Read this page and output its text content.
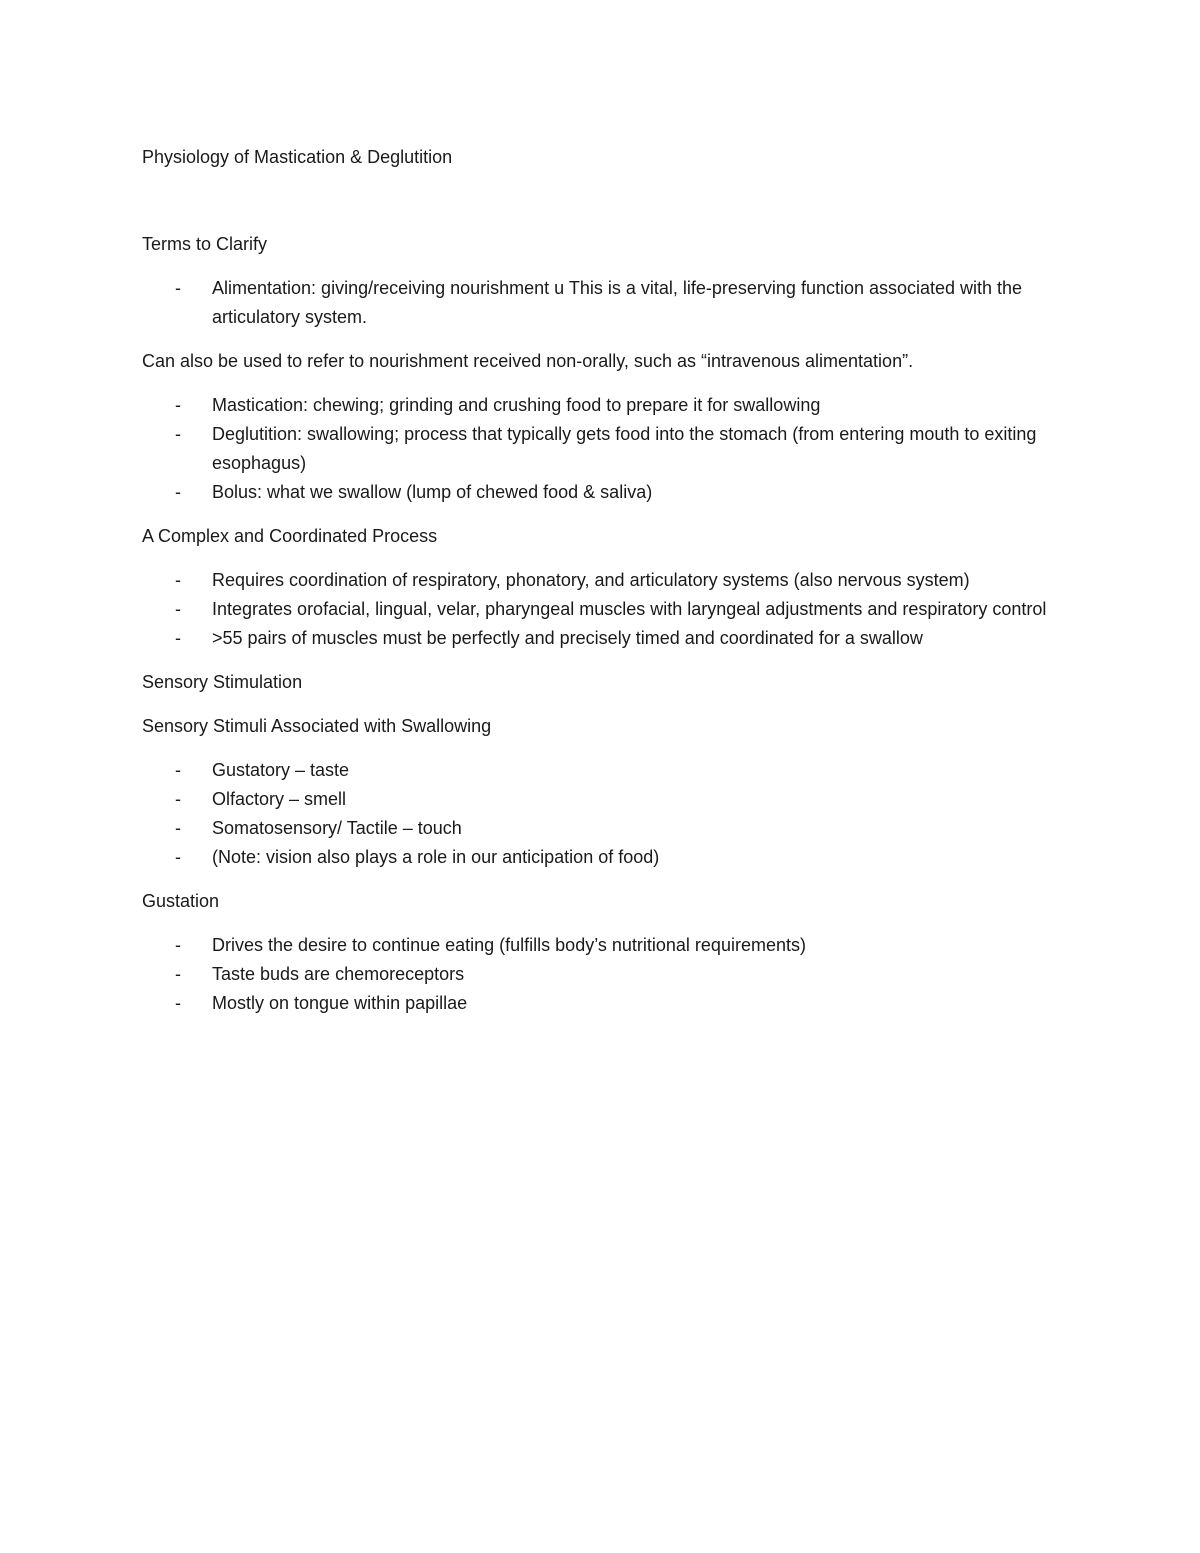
Physiology of Mastication & Deglutition
Terms to Clarify
- Alimentation: giving/receiving nourishment u This is a vital, life-preserving function associated with the articulatory system.
Can also be used to refer to nourishment received non-orally, such as “intravenous alimentation”.
- Mastication: chewing; grinding and crushing food to prepare it for swallowing
- Deglutition: swallowing; process that typically gets food into the stomach (from entering mouth to exiting esophagus)
- Bolus: what we swallow (lump of chewed food & saliva)
A Complex and Coordinated Process
- Requires coordination of respiratory, phonatory, and articulatory systems (also nervous system)
- Integrates orofacial, lingual, velar, pharyngeal muscles with laryngeal adjustments and respiratory control
- >55 pairs of muscles must be perfectly and precisely timed and coordinated for a swallow
Sensory Stimulation
Sensory Stimuli Associated with Swallowing
- Gustatory – taste
- Olfactory – smell
- Somatosensory/ Tactile – touch
- (Note: vision also plays a role in our anticipation of food)
Gustation
- Drives the desire to continue eating (fulfills body’s nutritional requirements)
- Taste buds are chemoreceptors
- Mostly on tongue within papillae
